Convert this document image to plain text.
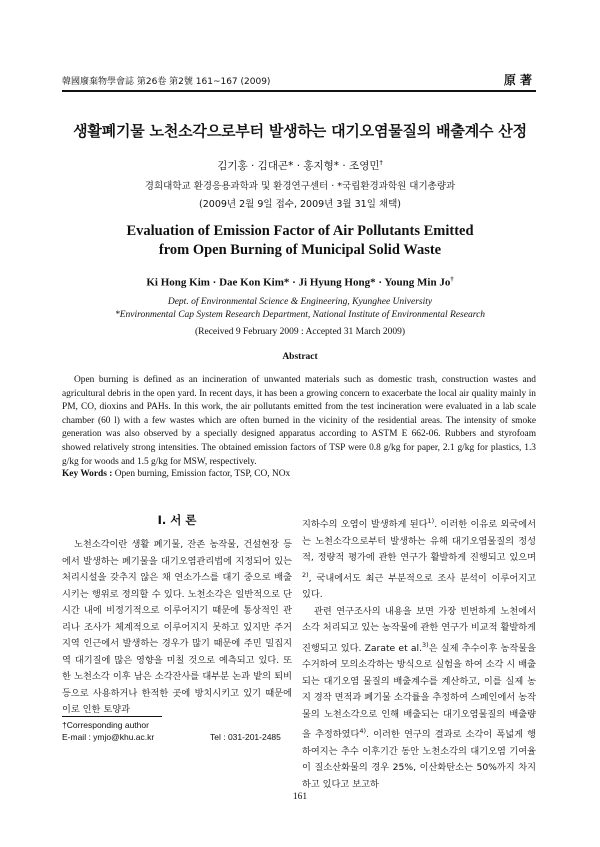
韓國廢棄物學會誌 第26卷 第2號 161~167 (2009)	原 著
생활폐기물 노천소각으로부터 발생하는 대기오염물질의 배출계수 산정
김기홍 · 김대곤* · 홍지형* · 조영민†
경희대학교 환경응용과학과 및 환경연구센터 · *국립환경과학원 대기총량과
(2009년 2월 9일 접수, 2009년 3월 31일 채택)
Evaluation of Emission Factor of Air Pollutants Emitted
from Open Burning of Municipal Solid Waste
Ki Hong Kim · Dae Kon Kim* · Ji Hyung Hong* · Young Min Jo†
Dept. of Environmental Science & Engineering, Kyunghee University
*Environmental Cap System Research Department, National Institute of Environmental Research
(Received 9 February 2009 : Accepted 31 March 2009)
Abstract
Open burning is defined as an incineration of unwanted materials such as domestic trash, construction wastes and agricultural debris in the open yard. In recent days, it has been a growing concern to exacerbate the local air quality mainly in PM, CO, dioxins and PAHs. In this work, the air pollutants emitted from the test incineration were evaluated in a lab scale chamber (60 l) with a few wastes which are often burned in the vicinity of the residential areas. The intensity of smoke generation was also observed by a specially designed apparatus according to ASTM E 662-06. Rubbers and styrofoam showed relatively strong intensities. The obtained emission factors of TSP were 0.8 g/kg for paper, 2.1 g/kg for plastics, 1.3 g/kg for woods and 1.5 g/kg for MSW, respectively.
Key Words : Open burning, Emission factor, TSP, CO, NOx
I. 서 론

노천소각이란 생활 폐기물, 잔존 농작물, 건설현장 등에서 발생하는 폐기물을 대기오염관리법에 지정되어 있는 처리시설을 갖추지 않은 채 연소가스를 대기 중으로 배출시키는 행위로 정의할 수 있다. 노천소각은 일반적으로 단시간 내에 비정기적으로 이루어지기 때문에 통상적인 관리나 조사가 체계적으로 이루어지지 못하고 있지만 주거지역 인근에서 발생하는 경우가 많기 때문에 주민 밀집지역 대기질에 많은 영향을 미칠 것으로 예측되고 있다. 또한 노천소각 이후 남은 소각잔사를 대부분 논과 밭의 퇴비 등으로 사용하거나 한적한 곳에 방치시키고 있기 때문에 이로 인한 토양과

지하수의 오염이 발생하게 된다$^{1)}$. 이러한 이유로 외국에서는 노천소각으로부터 발생하는 유해 대기오염물질의 정성적, 정량적 평가에 관한 연구가 활발하게 진행되고 있으며$^{2)}$, 국내에서도 최근 부분적으로 조사 분석이 이루어지고 있다.

관련 연구조사의 내용을 보면 가장 빈번하게 노천에서 소각 처리되고 있는 농작물에 관한 연구가 비교적 활발하게 진행되고 있다. Zarate et al.$^{3)}$은 실제 추수이후 농작물을 수거하여 모의소각하는 방식으로 실험을 하여 소각 시 배출되는 대기오염 물질의 배출계수를 계산하고, 이를 실제 농지 경작 면적과 폐기물 소각률을 추정하여 스페인에서 농작물의 노천소각으로 인해 배출되는 대기오염물질의 배출량을 추정하였다$^{4)}$. 이러한 연구의 결과로 소각이 폭넓게 행하여지는 추수 이후기간 동안 노천소각의 대기오염 기여율이 질소산화물의 경우 25%, 이산화탄소는 50%까지 차지하고 있다고 보고하

†Corresponding author
E-mail : ymjo@khu.ac.kr	Tel : 031-201-2485
161
